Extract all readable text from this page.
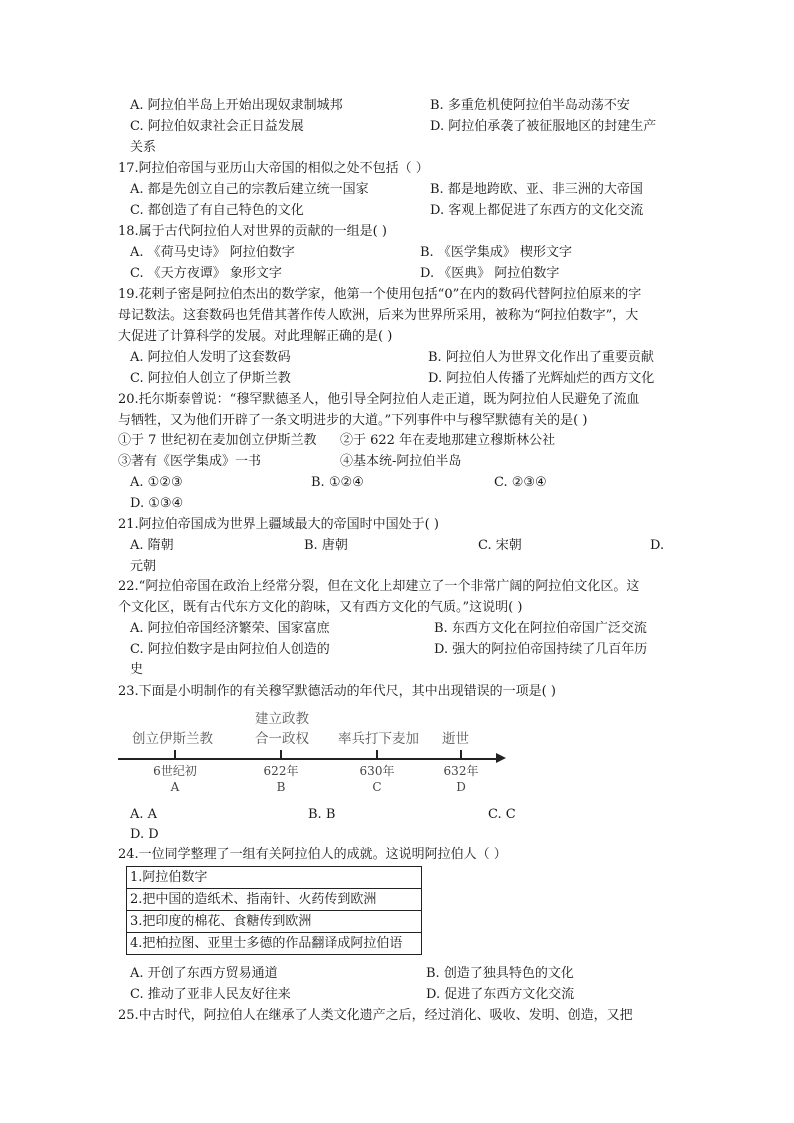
A. 阿拉伯半岛上开始出现奴隶制城邦	B. 多重危机使阿拉伯半岛动荡不安
C. 阿拉伯奴隶社会正日益发展	D. 阿拉伯承袭了被征服地区的封建生产
关系
17.阿拉伯帝国与亚历山大帝国的相似之处不包括（ ）
A. 都是先创立自己的宗教后建立统一国家	B. 都是地跨欧、亚、非三洲的大帝国
C. 都创造了有自己特色的文化	D. 客观上都促进了东西方的文化交流
18.属于古代阿拉伯人对世界的贡献的一组是( )
A. 《荷马史诗》 阿拉伯数字	B. 《医学集成》 楔形文字
C. 《天方夜谭》 象形文字	D. 《医典》 阿拉伯数字
19.花剌子密是阿拉伯杰出的数学家，他第一个使用包括“0”在内的数码代替阿拉伯原来的字
母记数法。这套数码也凭借其著作传人欧洲，后来为世界所采用，被称为“阿拉伯数字”，大
大促进了计算科学的发展。对此理解正确的是( )
A. 阿拉伯人发明了这套数码	B. 阿拉伯人为世界文化作出了重要贡献
C. 阿拉伯人创立了伊斯兰教	D. 阿拉伯人传播了光辉灿烂的西方文化
20.托尔斯泰曾说：“穆罕默德圣人，他引导全阿拉伯人走正道，既为阿拉伯人民避免了流血
与牺牲，又为他们开辟了一条文明进步的大道。”下列事件中与穆罕默德有关的是( )
①于 7 世纪初在麦加创立伊斯兰教 ②于 622 年在麦地那建立穆斯林公社
③著有《医学集成》一书	④基本统-阿拉伯半岛
A. ①②③	B. ①②④	C. ②③④
D. ①③④
21.阿拉伯帝国成为世界上疆域最大的帝国时中国处于( )
A. 隋朝	B. 唐朝	C. 宋朝	D.
元朝
22.“阿拉伯帝国在政治上经常分裂，但在文化上却建立了一个非常广阔的阿拉伯文化区。这
个文化区，既有古代东方文化的韵味，又有西方文化的气质。”这说明( )
A. 阿拉伯帝国经济繁荣、国家富庶	B. 东西方文化在阿拉伯帝国广泛交流
C. 阿拉伯数字是由阿拉伯人创造的	D. 强大的阿拉伯帝国持续了几百年历
史
23.下面是小明制作的有关穆罕默德活动的年代尺，其中出现错误的一项是( )
建立政教
创立伊斯兰教	合一政权 率兵打下麦加 逝世
6世纪初	622年	630年	632年
A	B	C	D
A. A	B. B	C. C
D. D
24.一位同学整理了一组有关阿拉伯人的成就。这说明阿拉伯人（ ）
1.阿拉伯数字
2.把中国的造纸术、指南针、火药传到欧洲
3.把印度的棉花、食糖传到欧洲
4.把柏拉图、亚里士多德的作品翻译成阿拉伯语
A. 开创了东西方贸易通道	B. 创造了独具特色的文化
C. 推动了亚非人民友好往来	D. 促进了东西方文化交流
25.中古时代，阿拉伯人在继承了人类文化遗产之后，经过消化、吸收、发明、创造，又把
